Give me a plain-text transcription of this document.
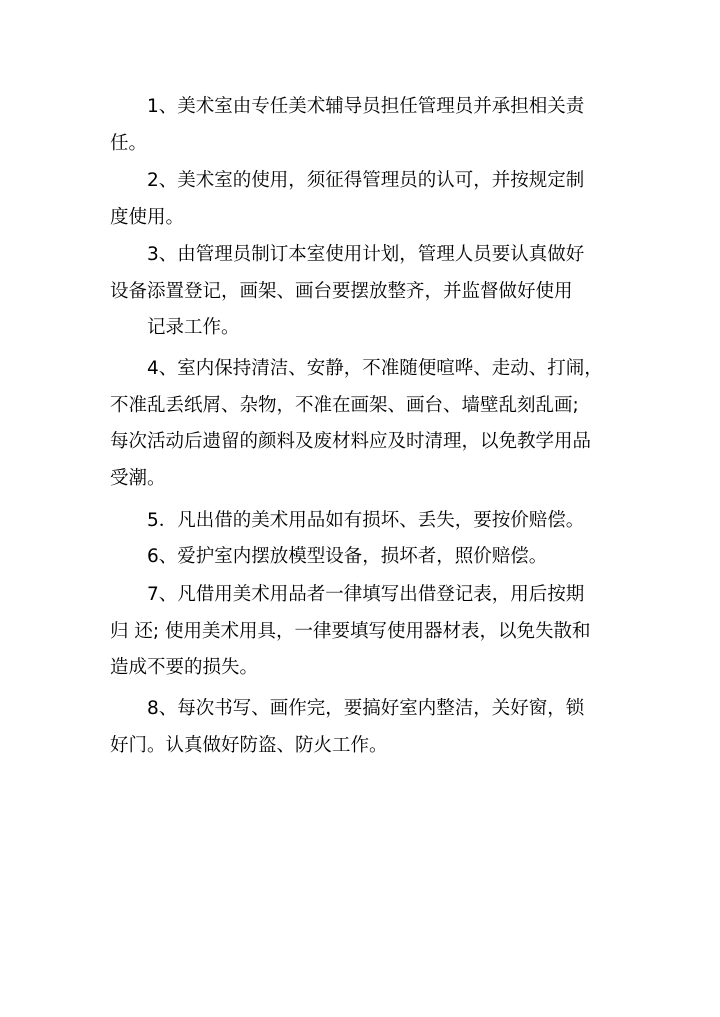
1、美术室由专任美术辅导员担任管理员并承担相关责
任。

2、美术室的使用，须征得管理员的认可，并按规定制
度使用。

3、由管理员制订本室使用计划，管理人员要认真做好
设备添置登记，画架、画台要摆放整齐，并监督做好使用
记录工作。

4、室内保持清洁、安静，不准随便喧哗、走动、打闹，
不准乱丢纸屑、杂物，不准在画架、画台、墙壁乱刻乱画;
每次活动后遗留的颜料及废材料应及时清理，以免教学用品
受潮。

5．凡出借的美术用品如有损坏、丢失，要按价赔偿。

6、爱护室内摆放模型设备，损坏者，照价赔偿。

7、凡借用美术用品者一律填写出借登记表，用后按期
归 还; 使用美术用具，一律要填写使用器材表，以免失散和
造成不要的损失。

8、每次书写、画作完，要搞好室内整洁，关好窗，锁
好门。认真做好防盗、防火工作。
